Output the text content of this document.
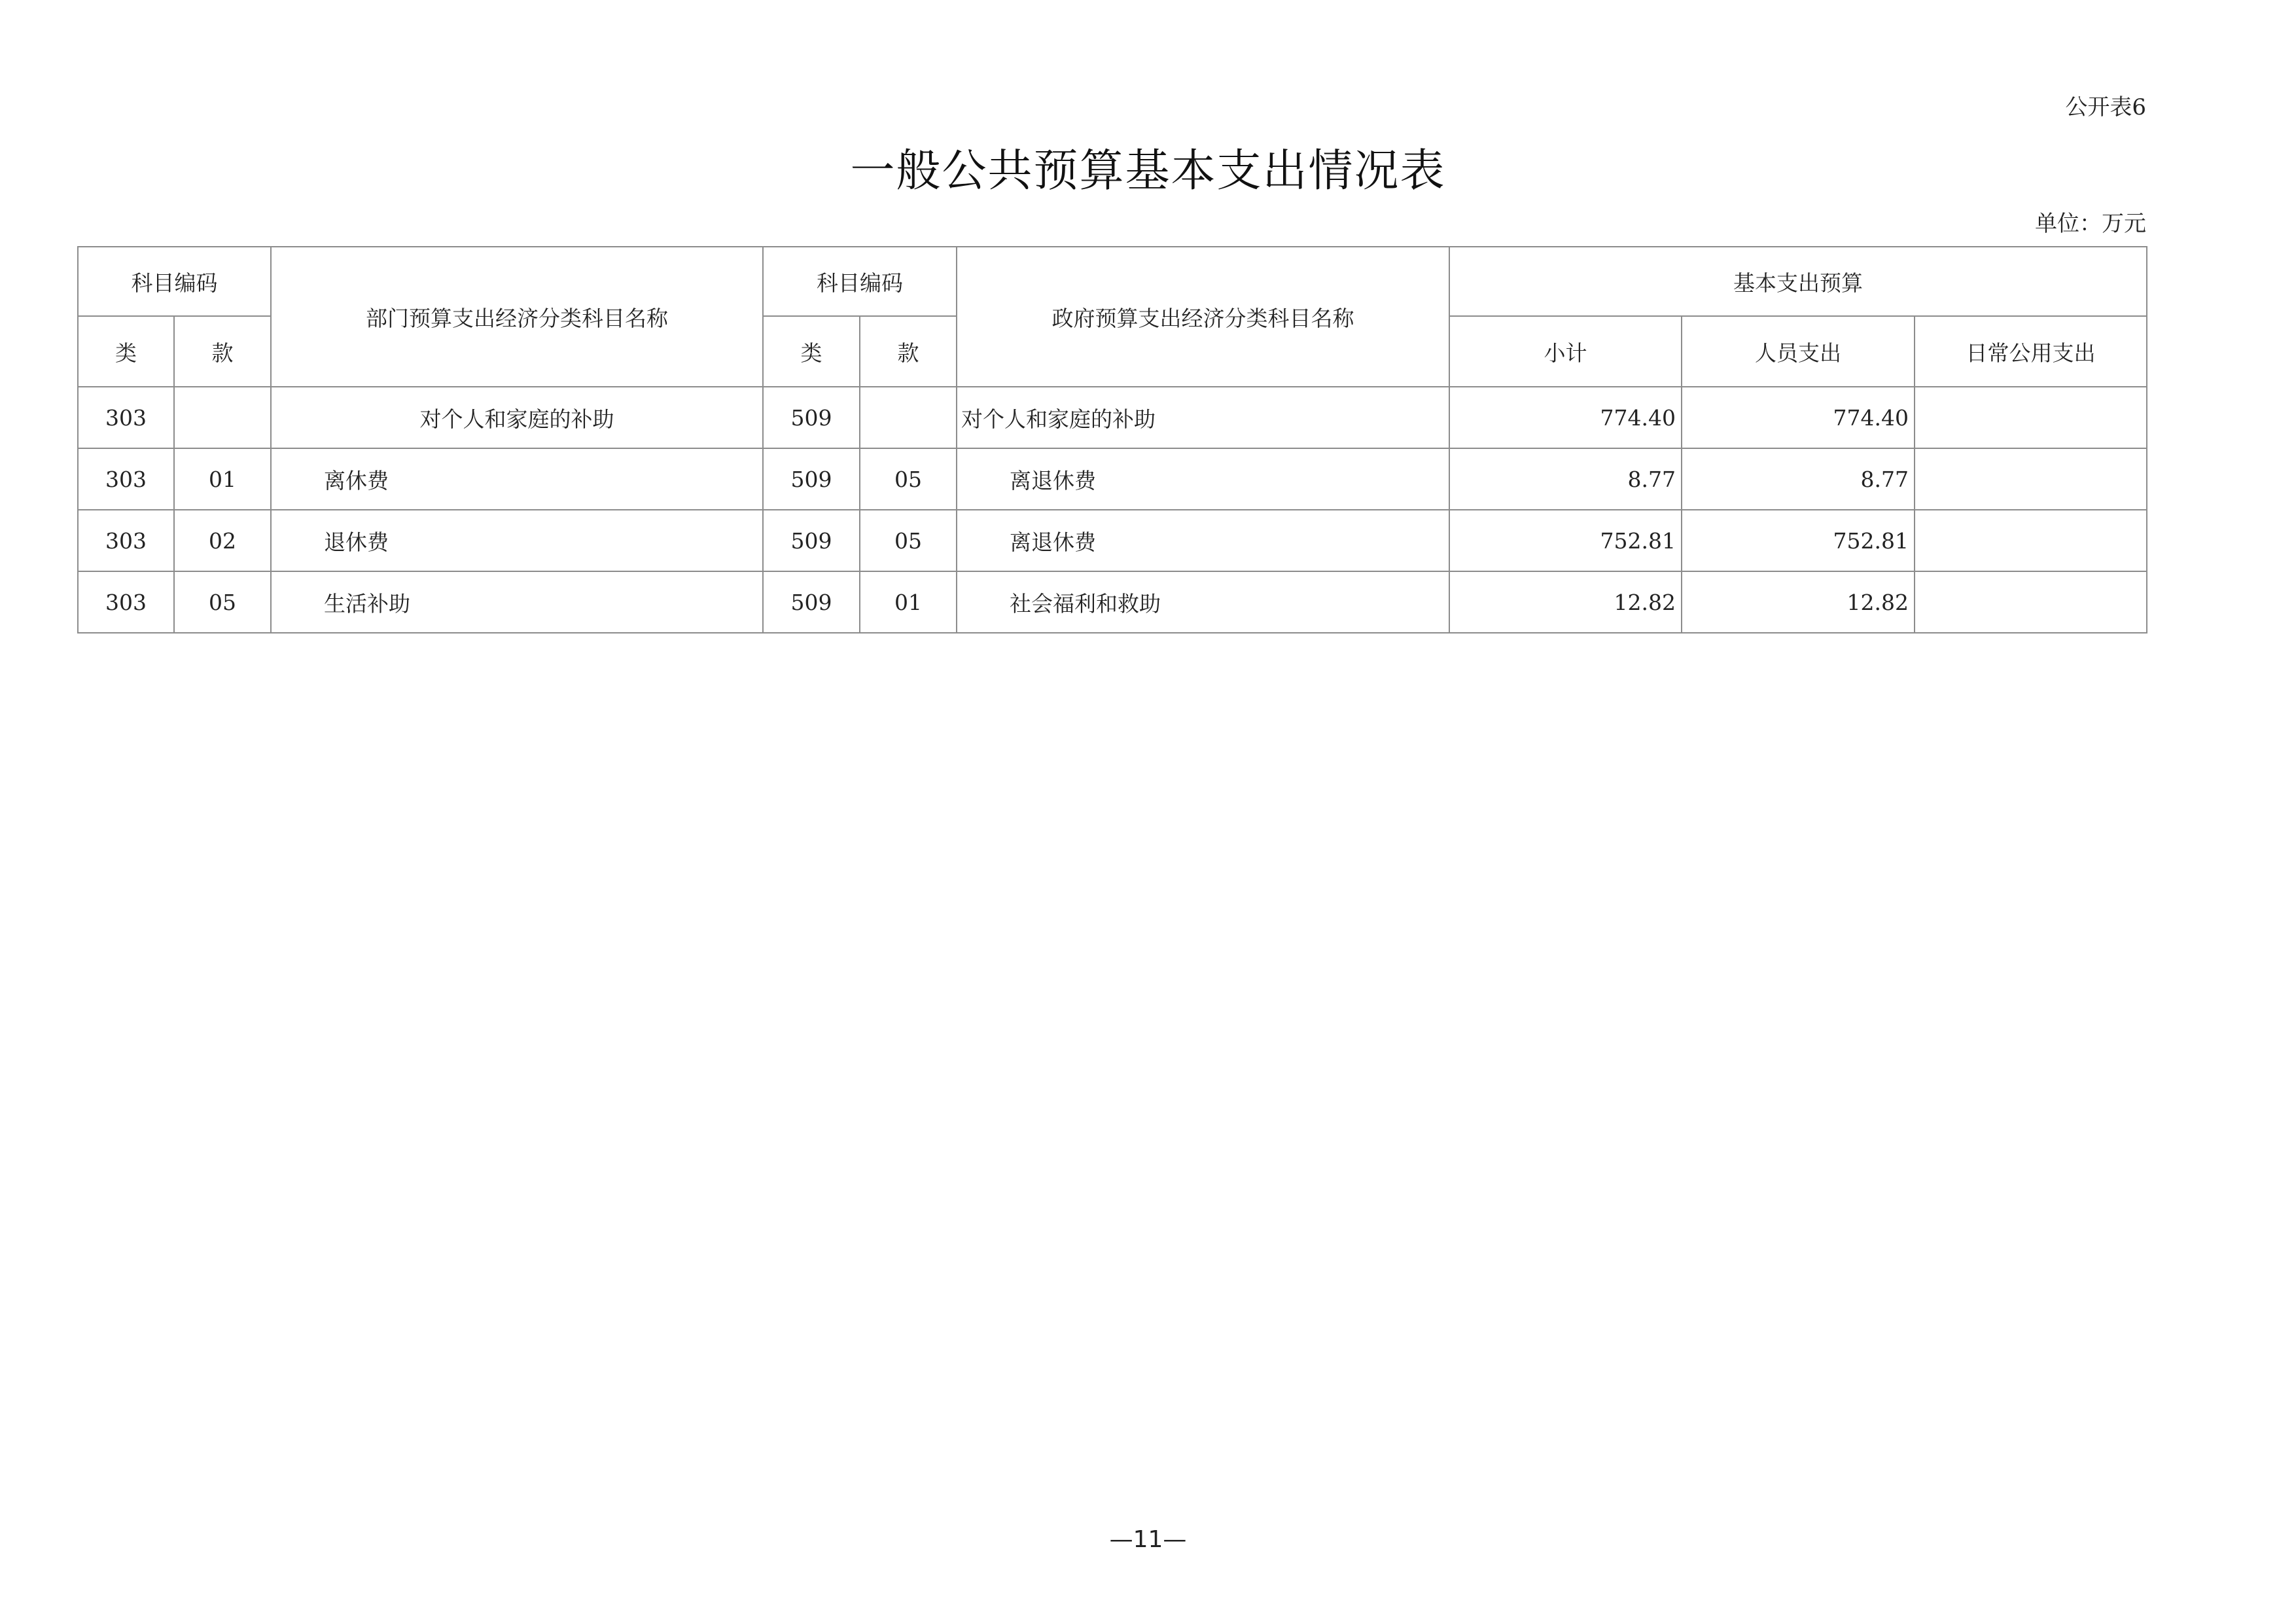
公开表6
一般公共预算基本支出情况表
单位：万元
科目编码		部门预算支出经济分类科目名称	科目编码		政府预算支出经济分类科目名称	基本支出预算		
类	款		类	款		小计	人员支出	日常公用支出
303		对个人和家庭的补助	509		对个人和家庭的补助	774.40	774.40	
303	01	离休费	509	05	离退休费	8.77	8.77	
303	02	退休费	509	05	离退休费	752.81	752.81	
303	05	生活补助	509	01	社会福利和救助	12.82	12.82	
—11—
